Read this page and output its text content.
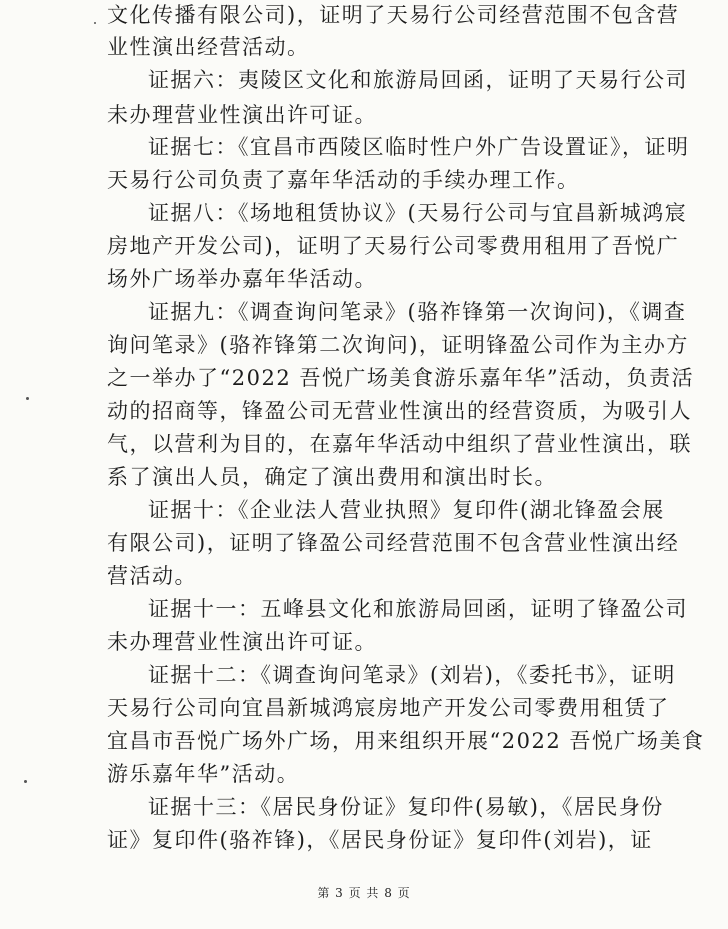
文化传播有限公司)，证明了天易行公司经营范围不包含营
业性演出经营活动。
证据六：夷陵区文化和旅游局回函，证明了天易行公司
未办理营业性演出许可证。
证据七：《宜昌市西陵区临时性户外广告设置证》，证明
天易行公司负责了嘉年华活动的手续办理工作。
证据八：《场地租赁协议》(天易行公司与宜昌新城鸿宸
房地产开发公司)，证明了天易行公司零费用租用了吾悦广
场外广场举办嘉年华活动。
证据九：《调查询问笔录》(骆祚锋第一次询问)，《调查
询问笔录》(骆祚锋第二次询问)，证明锋盈公司作为主办方
之一举办了“2022 吾悦广场美食游乐嘉年华”活动，负责活
动的招商等，锋盈公司无营业性演出的经营资质，为吸引人
气，以营利为目的，在嘉年华活动中组织了营业性演出，联
系了演出人员，确定了演出费用和演出时长。
证据十：《企业法人营业执照》复印件(湖北锋盈会展
有限公司)，证明了锋盈公司经营范围不包含营业性演出经
营活动。
证据十一：五峰县文化和旅游局回函，证明了锋盈公司
未办理营业性演出许可证。
证据十二：《调查询问笔录》(刘岩)，《委托书》，证明
天易行公司向宜昌新城鸿宸房地产开发公司零费用租赁了
宜昌市吾悦广场外广场，用来组织开展“2022 吾悦广场美食
游乐嘉年华”活动。
证据十三：《居民身份证》复印件(易敏)，《居民身份
证》复印件(骆祚锋)，《居民身份证》复印件(刘岩)，证
第 3 页 共 8 页
